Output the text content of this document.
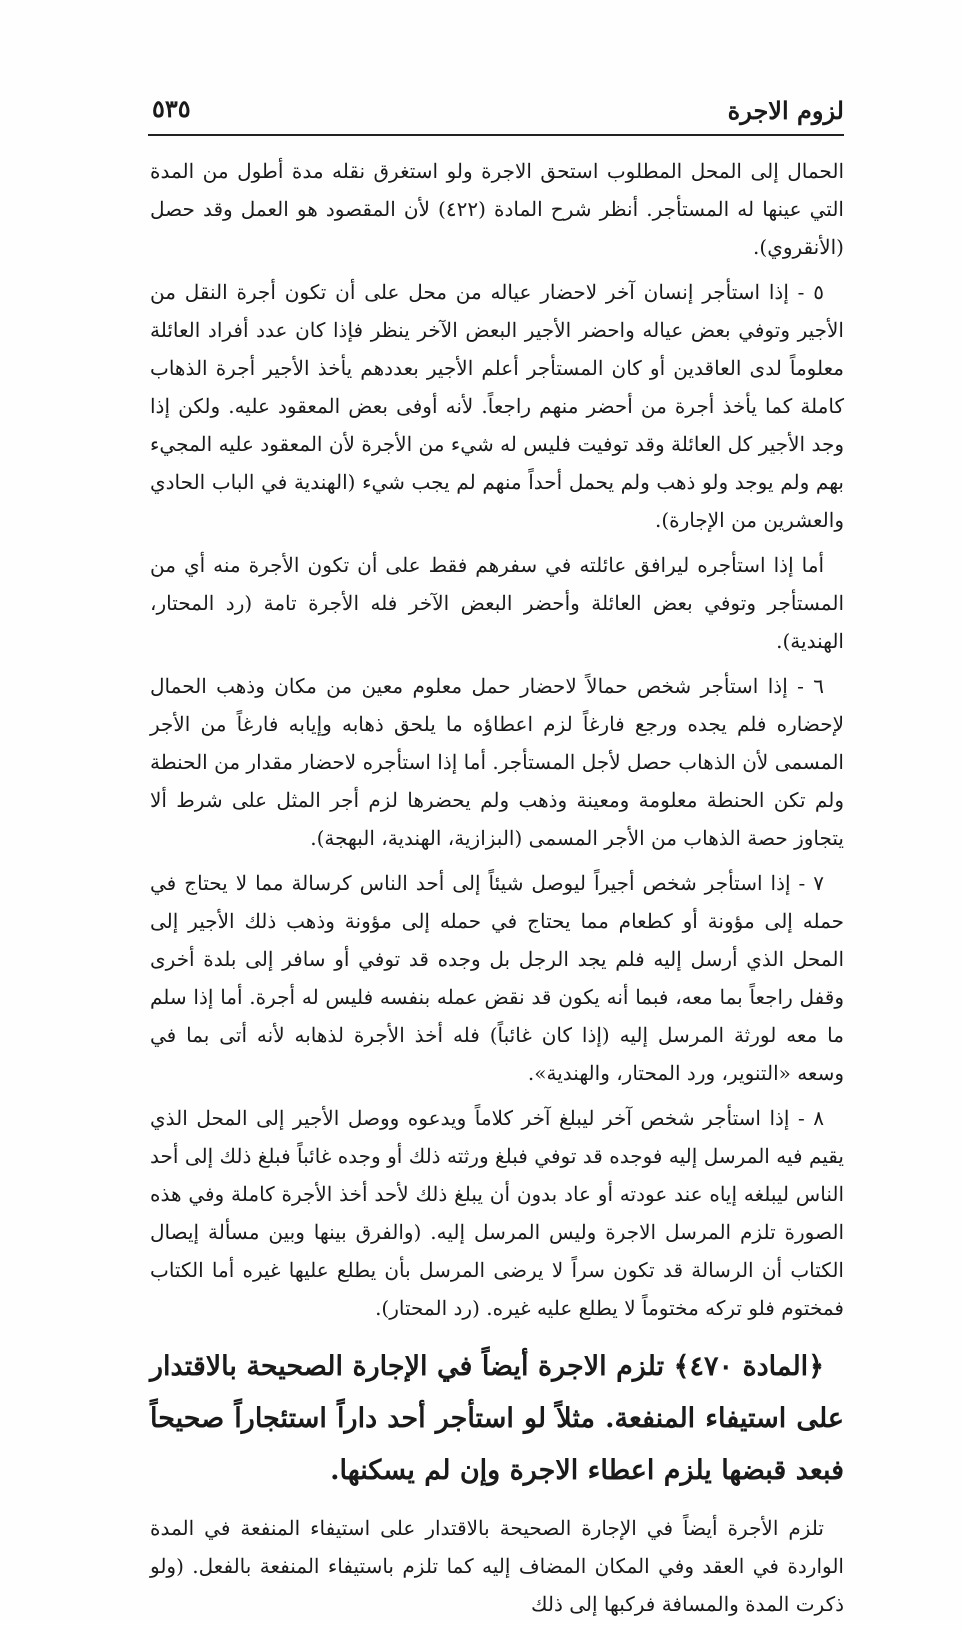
لزوم الاجرة
٥٣٥

الحمال إلى المحل المطلوب استحق الاجرة ولو استغرق نقله مدة أطول من المدة التي عينها له المستأجر. أنظر شرح المادة (٤٢٢) لأن المقصود هو العمل وقد حصل (الأنقروي).

٥ - إذا استأجر إنسان آخر لاحضار عياله من محل على أن تكون أجرة النقل من الأجير وتوفي بعض عياله واحضر الأجير البعض الآخر ينظر فإذا كان عدد أفراد العائلة معلوماً لدى العاقدين أو كان المستأجر أعلم الأجير بعددهم يأخذ الأجير أجرة الذهاب كاملة كما يأخذ أجرة من أحضر منهم راجعاً. لأنه أوفى بعض المعقود عليه. ولكن إذا وجد الأجير كل العائلة وقد توفيت فليس له شيء من الأجرة لأن المعقود عليه المجيء بهم ولم يوجد ولو ذهب ولم يحمل أحداً منهم لم يجب شيء (الهندية في الباب الحادي والعشرين من الإجارة).

أما إذا استأجره ليرافق عائلته في سفرهم فقط على أن تكون الأجرة منه أي من المستأجر وتوفي بعض العائلة وأحضر البعض الآخر فله الأجرة تامة (رد المحتار، الهندية).

٦ - إذا استأجر شخص حمالاً لاحضار حمل معلوم معين من مكان وذهب الحمال لإحضاره فلم يجده ورجع فارغاً لزم اعطاؤه ما يلحق ذهابه وإيابه فارغاً من الأجر المسمى لأن الذهاب حصل لأجل المستأجر. أما إذا استأجره لاحضار مقدار من الحنطة ولم تكن الحنطة معلومة ومعينة وذهب ولم يحضرها لزم أجر المثل على شرط ألا يتجاوز حصة الذهاب من الأجر المسمى (البزازية، الهندية، البهجة).

٧ - إذا استأجر شخص أجيراً ليوصل شيئاً إلى أحد الناس كرسالة مما لا يحتاج في حمله إلى مؤونة أو كطعام مما يحتاج في حمله إلى مؤونة وذهب ذلك الأجير إلى المحل الذي أرسل إليه فلم يجد الرجل بل وجده قد توفي أو سافر إلى بلدة أخرى وقفل راجعاً بما معه، فبما أنه يكون قد نقض عمله بنفسه فليس له أجرة. أما إذا سلم ما معه لورثة المرسل إليه (إذا كان غائباً) فله أخذ الأجرة لذهابه لأنه أتى بما في وسعه «التنوير، ورد المحتار، والهندية».

٨ - إذا استأجر شخص آخر ليبلغ آخر كلاماً ويدعوه ووصل الأجير إلى المحل الذي يقيم فيه المرسل إليه فوجده قد توفي فبلغ ورثته ذلك أو وجده غائباً فبلغ ذلك إلى أحد الناس ليبلغه إياه عند عودته أو عاد بدون أن يبلغ ذلك لأحد أخذ الأجرة كاملة وفي هذه الصورة تلزم المرسل الاجرة وليس المرسل إليه. (والفرق بينها وبين مسألة إيصال الكتاب أن الرسالة قد تكون سراً لا يرضى المرسل بأن يطلع عليها غيره أما الكتاب فمختوم فلو تركه مختوماً لا يطلع عليه غيره. (رد المحتار).

﴿المادة ٤٧٠﴾ تلزم الاجرة أيضاً في الإجارة الصحيحة بالاقتدار على استيفاء المنفعة. مثلاً لو استأجر أحد داراً استئجاراً صحيحاً فبعد قبضها يلزم اعطاء الاجرة وإن لم يسكنها.

تلزم الأجرة أيضاً في الإجارة الصحيحة بالاقتدار على استيفاء المنفعة في المدة الواردة في العقد وفي المكان المضاف إليه كما تلزم باستيفاء المنفعة بالفعل. (ولو ذكرت المدة والمسافة فركبها إلى ذلك
